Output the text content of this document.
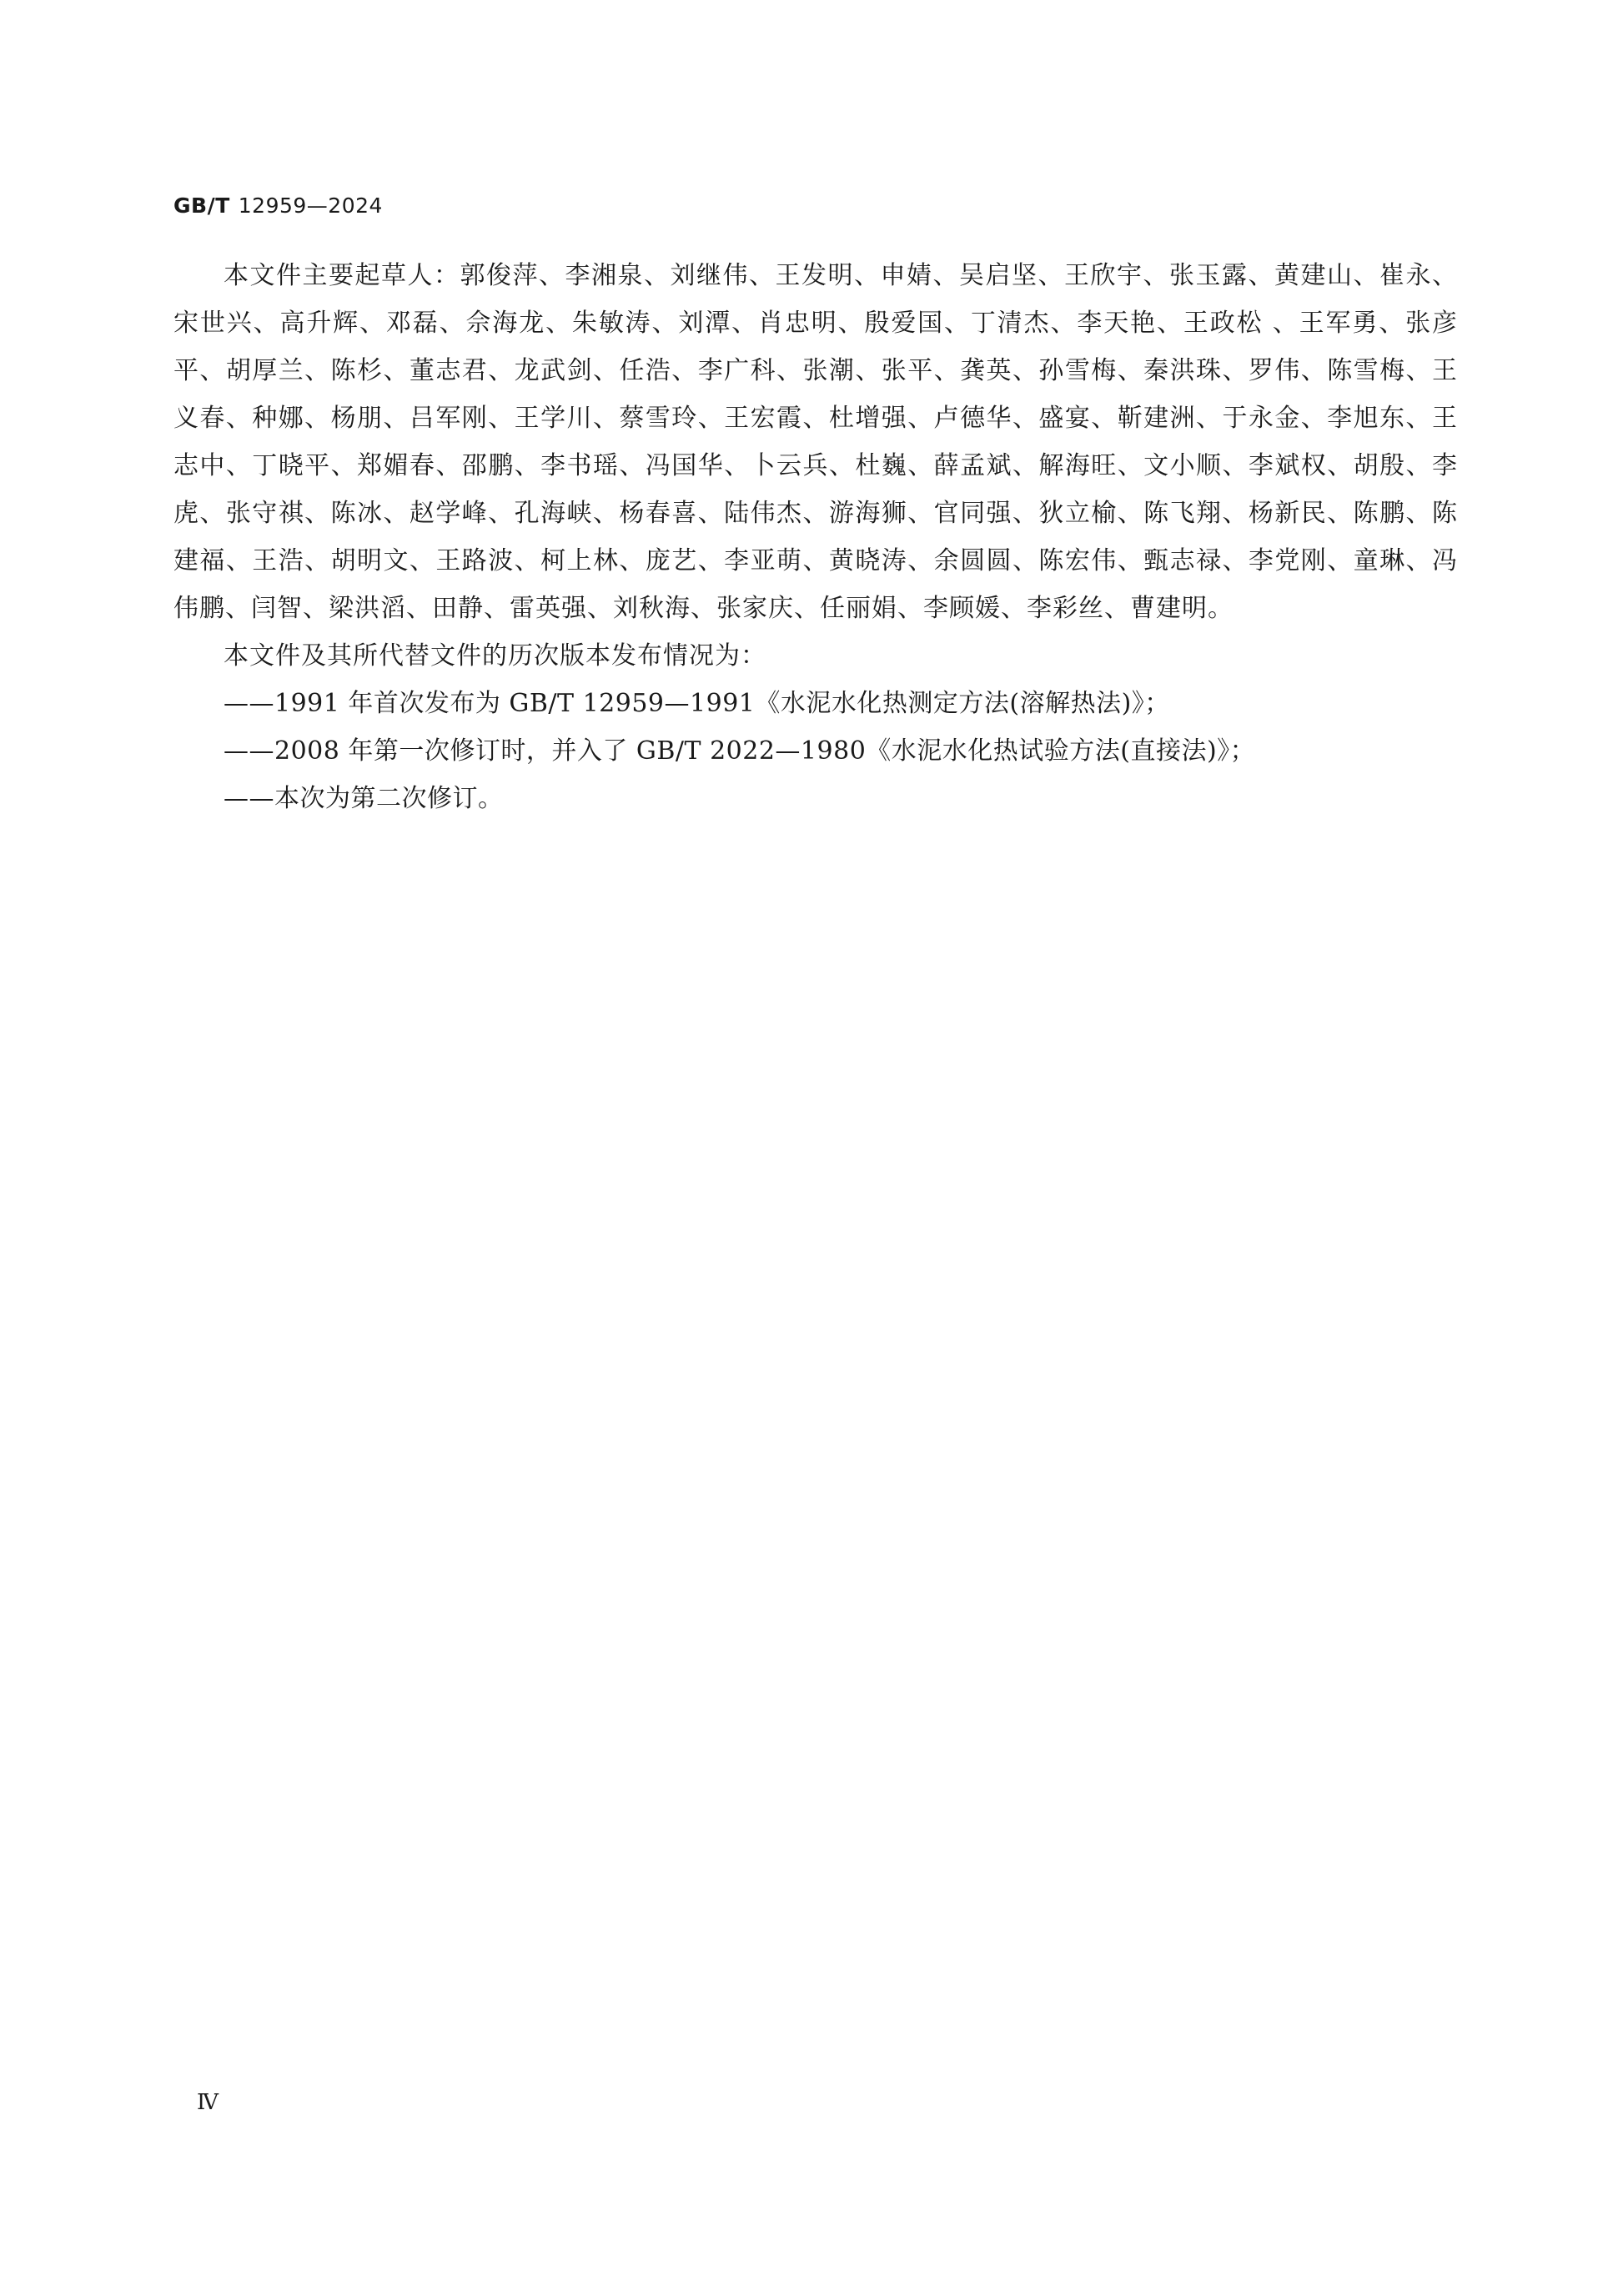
GB/T 12959—2024

本文件主要起草人：郭俊萍、李湘泉、刘继伟、王发明、申婧、吴启坚、王欣宇、张玉露、黄建山、崔永、宋世兴、高升辉、邓磊、佘海龙、朱敏涛、刘潭、肖忠明、殷爱国、丁清杰、李天艳、王政松 、王军勇、张彦平、胡厚兰、陈杉、董志君、龙武剑、任浩、李广科、张潮、张平、龚英、孙雪梅、秦洪珠、罗伟、陈雪梅、王义春、种娜、杨朋、吕军刚、王学川、蔡雪玲、王宏霞、杜增强、卢德华、盛宴、靳建洲、于永金、李旭东、王志中、丁晓平、郑媚春、邵鹏、李书瑶、冯国华、卜云兵、杜巍、薛孟斌、解海旺、文小顺、李斌权、胡殷、李虎、张守祺、陈冰、赵学峰、孔海峡、杨春喜、陆伟杰、游海狮、官同强、狄立榆、陈飞翔、杨新民、陈鹏、陈建福、王浩、胡明文、王路波、柯上林、庞艺、李亚萌、黄晓涛、余圆圆、陈宏伟、甄志禄、李党刚、童琳、冯伟鹏、闫智、梁洪滔、田静、雷英强、刘秋海、张家庆、任丽娟、李顾媛、李彩丝、曹建明。

本文件及其所代替文件的历次版本发布情况为：

——1991 年首次发布为 GB/T 12959—1991《水泥水化热测定方法(溶解热法)》；

——2008 年第一次修订时，并入了 GB/T 2022—1980《水泥水化热试验方法(直接法)》；

——本次为第二次修订。

Ⅳ
